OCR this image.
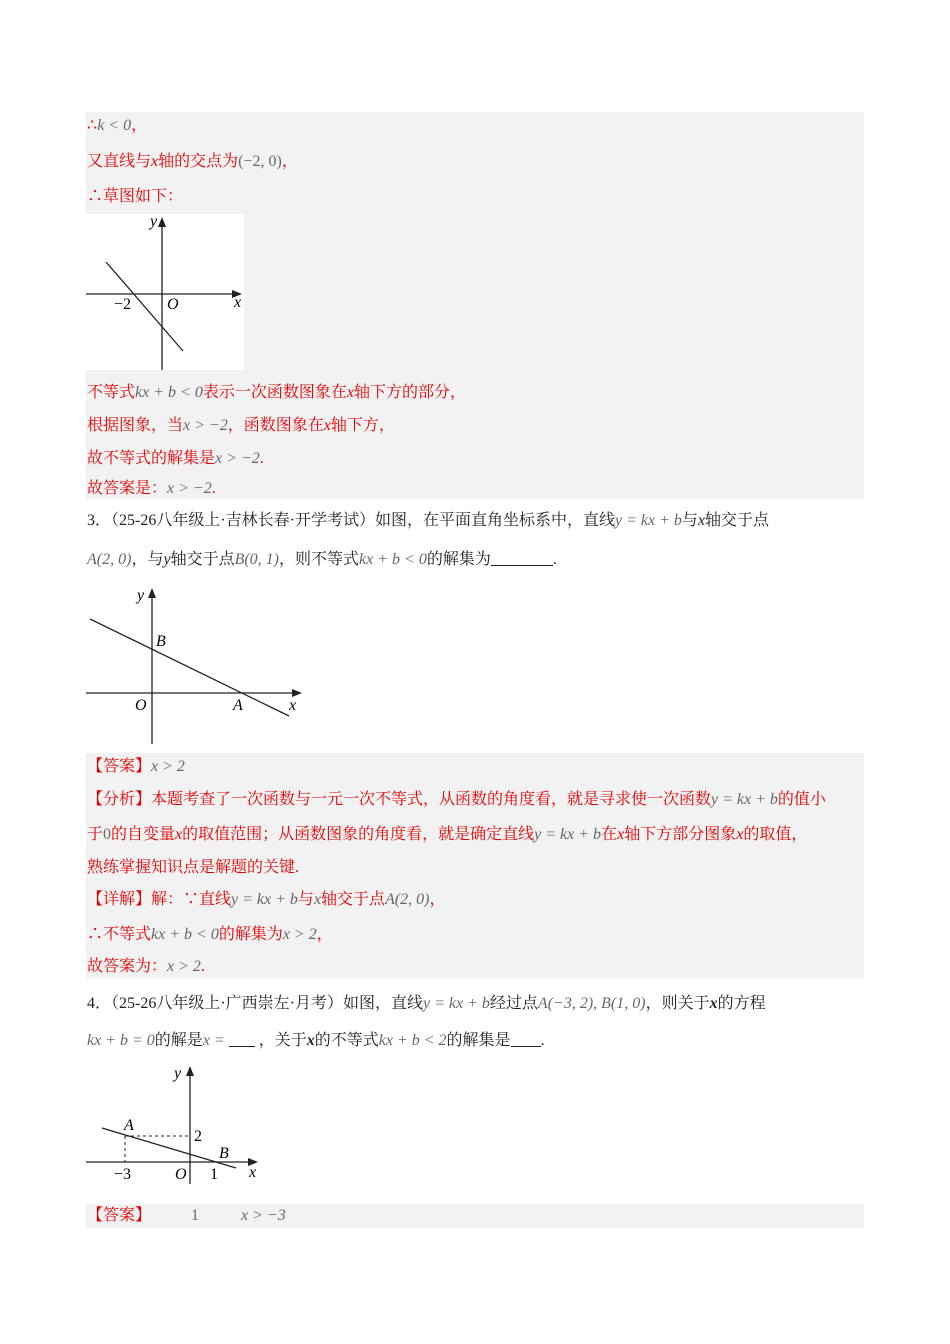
∴k < 0，
又直线与x轴的交点为(−2, 0)，
∴草图如下：
y
x
O
−2
不等式kx + b < 0表示一次函数图象在x轴下方的部分，
根据图象，当x > −2，函数图象在x轴下方，
故不等式的解集是x > −2.
故答案是：x > −2.
3．（25-26八年级上·吉林长春·开学考试）如图，在平面直角坐标系中，直线y = kx + b与x轴交于点
A(2, 0)，与y轴交于点B(0, 1)，则不等式kx + b < 0的解集为	.
y
x
O	A
B
【答案】x > 2
【分析】本题考查了一次函数与一元一次不等式，从函数的角度看，就是寻求使一次函数y = kx + b的值小
于0的自变量x的取值范围；从函数图象的角度看，就是确定直线y = kx + b在x轴下方部分图象x的取值，
熟练掌握知识点是解题的关键.
【详解】解：∵直线y = kx + b与x轴交于点A(2, 0)，
∴不等式kx + b < 0的解集为x > 2，
故答案为：x > 2.
4．（25-26八年级上·广西崇左·月考）如图，直线y = kx + b经过点A(−3, 2), B(1, 0)，则关于x的方程
kx + b = 0的解是x = ，关于x的不等式kx + b < 2的解集是 .
y
x
O
A
B
2
−3	1
【答案】	1	x > −3
